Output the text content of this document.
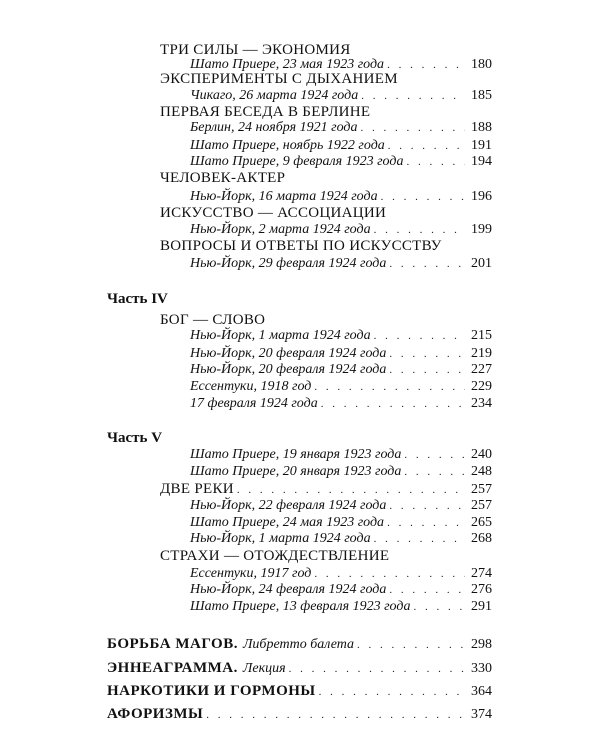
ТРИ СИЛЫ — ЭКОНОМИЯ
Шато Приере, 23 мая 1923 года . . .	180
ЭКСПЕРИМЕНТЫ С ДЫХАНИЕМ
Чикаго, 26 марта 1924 года . . .	185
ПЕРВАЯ БЕСЕДА В БЕРЛИНЕ
Берлин, 24 ноября 1921 года . . .	188
Шато Приере, ноябрь 1922 года . . .	191
Шато Приере, 9 февраля 1923 года . . .	194
ЧЕЛОВЕК-АКТЕР
Нью-Йорк, 16 марта 1924 года . . .	196
ИСКУССТВО — АССОЦИАЦИИ
Нью-Йорк, 2 марта 1924 года . . .	199
ВОПРОСЫ И ОТВЕТЫ ПО ИСКУССТВУ
Нью-Йорк, 29 февраля 1924 года . . .	201
Часть IV
БОГ — СЛОВО
Нью-Йорк, 1 марта 1924 года . . .	215
Нью-Йорк, 20 февраля 1924 года . . .	219
Нью-Йорк, 20 февраля 1924 года . . .	227
Ессентуки, 1918 год . . .	229
17 февраля 1924 года . . .	234
Часть V
Шато Приере, 19 января 1923 года . . .	240
Шато Приере, 20 января 1923 года . . .	248
ДВЕ РЕКИ . . .	257
Нью-Йорк, 22 февраля 1924 года . . .	257
Шато Приере, 24 мая 1923 года . . .	265
Нью-Йорк, 1 марта 1924 года . . .	268
СТРАХИ — ОТОЖДЕСТВЛЕНИЕ
Ессентуки, 1917 год . . .	274
Нью-Йорк, 24 февраля 1924 года . . .	276
Шато Приере, 13 февраля 1923 года . . .	291
БОРЬБА МАГОВ. Либретто балета . . .	298
ЭННЕАГРАММА. Лекция . . .	330
НАРКОТИКИ И ГОРМОНЫ . . .	364
АФОРИЗМЫ . . .	374
